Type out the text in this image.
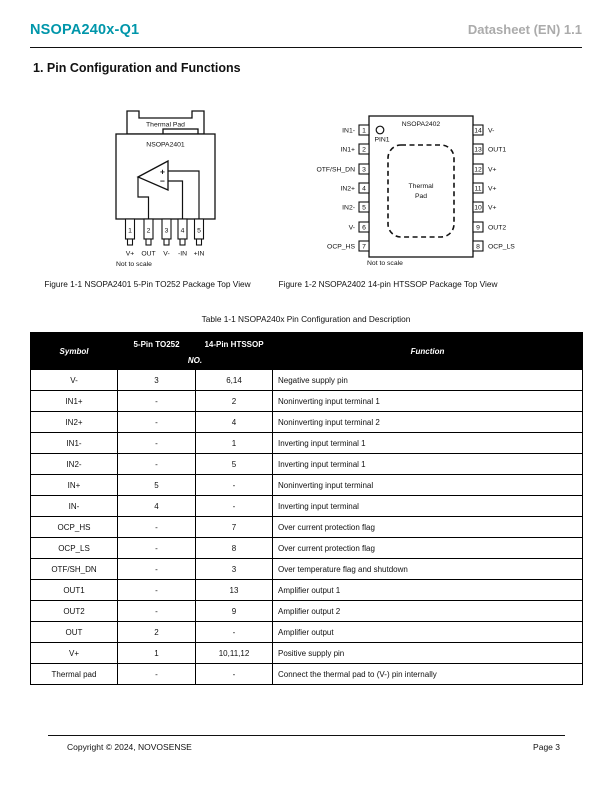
NSOPA240x-Q1	Datasheet (EN) 1.1
1. Pin Configuration and Functions
Thermal Pad
NSOPA2401
+
−
1 2 3 4 5
V+ OUT V- -IN +IN
Not to scale
NSOPA2402
PIN1
Thermal
Pad
1
2
3
4
5
6
7
IN1-
IN1+
OTF/SH_DN
IN2+
IN2-
V-
OCP_HS
14
13
12
11
10
9
8
V-
OUT1
V+
V+
V+
OUT2
OCP_LS
Not to scale
Figure 1-1 NSOPA2401 5-Pin TO252 Package Top View	Figure 1-2 NSOPA2402 14-pin HTSSOP Package Top View
Table 1-1 NSOPA240x Pin Configuration and Description
Symbol	5-Pin TO252	14-Pin HTSSOP	Function
	NO.		
V-	3	6,14	Negative supply pin
IN1+	-	2	Noninverting input terminal 1
IN2+	-	4	Noninverting input terminal 2
IN1-	-	1	Inverting input terminal 1
IN2-	-	5	Inverting input terminal 1
IN+	5	-	Noninverting input terminal
IN-	4	-	Inverting input terminal
OCP_HS	-	7	Over current protection flag
OCP_LS	-	8	Over current protection flag
OTF/SH_DN	-	3	Over temperature flag and shutdown
OUT1	-	13	Amplifier output 1
OUT2	-	9	Amplifier output 2
OUT	2	-	Amplifier output
V+	1	10,11,12	Positive supply pin
Thermal pad	-	-	Connect the thermal pad to (V-) pin internally
Copyright © 2024, NOVOSENSE	Page 3
